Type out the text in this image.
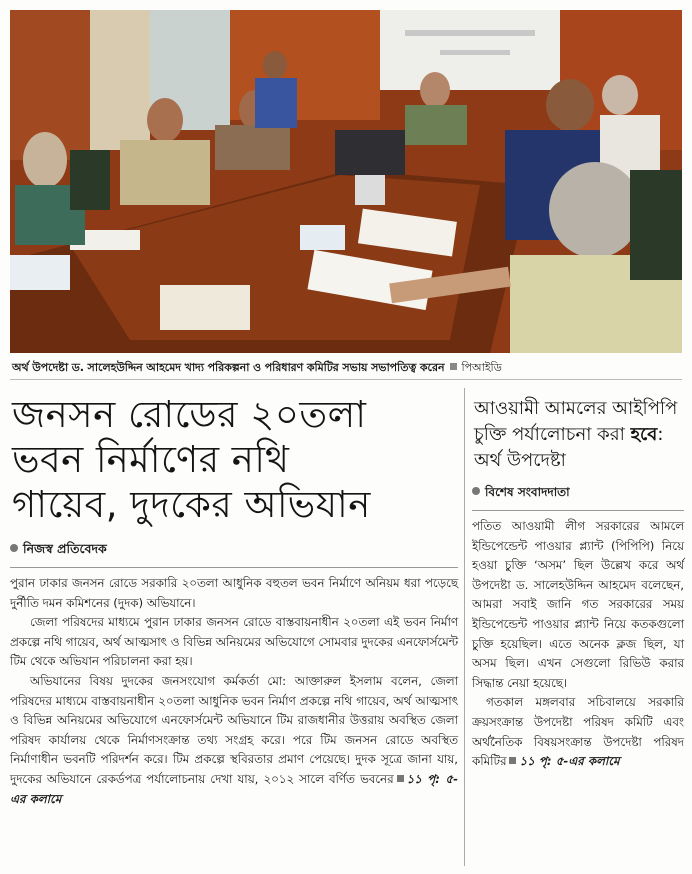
অর্থ উপদেষ্টা ড. সালেহউদ্দিন আহমেদ খাদ্য পরিকল্পনা ও পরিধারণ কমিটির সভায় সভাপতিত্ব করেন পিআইডি
জনসন রোডের ২০তলা
ভবন নির্মাণের নথি
গায়েব, দুদকের অভিযান
নিজস্ব প্রতিবেদক

পুরান ঢাকার জনসন রোডে সরকারি ২০তলা আধুনিক বহুতল ভবন নির্মাণে অনিয়ম ধরা পড়েছে দুর্নীতি দমন কমিশনের (দুদক) অভিযানে।

জেলা পরিষদের মাধ্যমে পুরান ঢাকার জনসন রোডে বাস্তবায়নাধীন ২০তলা এই ভবন নির্মাণ প্রকল্পে নথি গায়েব, অর্থ আত্মসাৎ ও বিভিন্ন অনিয়মের অভিযোগে সোমবার দুদকের এনফোর্সমেন্ট টিম থেকে অভিযান পরিচালনা করা হয়।

অভিযানের বিষয় দুদকের জনসংযোগ কর্মকর্তা মো: আক্তারুল ইসলাম বলেন, জেলা পরিষদের মাধ্যমে বাস্তবায়নাধীন ২০তলা আধুনিক ভবন নির্মাণ প্রকল্পে নথি গায়েব, অর্থ আত্মসাৎ ও বিভিন্ন অনিয়মের অভিযোগে এনফোর্সমেন্ট অভিযানে টিম রাজধানীর উত্তরায় অবস্থিত জেলা পরিষদ কার্যালয় থেকে নির্মাণসংক্রান্ত তথ্য সংগ্রহ করে। পরে টিম জনসন রোডে অবস্থিত নির্মাণাধীন ভবনটি পরিদর্শন করে। টিম প্রকল্পে স্থবিরতার প্রমাণ পেয়েছে। দুদক সূত্রে জানা যায়, দুদকের অভিযানে রেকর্ডপত্র পর্যালোচনায় দেখা যায়, ২০১২ সালে বর্ণিত ভবনের ১১ পৃ: ৫-এর কলামে

আওয়ামী আমলের আইপিপি চুক্তি পর্যালোচনা করা হবে: অর্থ উপদেষ্টা
বিশেষ সংবাদদাতা

পতিত আওয়ামী লীগ সরকারের আমলে ইন্ডিপেন্ডেন্ট পাওয়ার প্ল্যান্ট (পিপিপি) নিয়ে হওয়া চুক্তি ‘অসম’ ছিল উল্লেখ করে অর্থ উপদেষ্টা ড. সালেহউদ্দিন আহমেদ বলেছেন, আমরা সবাই জানি গত সরকারের সময় ইন্ডিপেন্ডেন্ট পাওয়ার প্ল্যান্ট নিয়ে কতকগুলো চুক্তি হয়েছিল। এতে অনেক ক্লজ ছিল, যা অসম ছিল। এখন সেগুলো রিভিউ করার সিদ্ধান্ত নেয়া হয়েছে।

গতকাল মঙ্গলবার সচিবালয়ে সরকারি ক্রয়সংক্রান্ত উপদেষ্টা পরিষদ কমিটি এবং অর্থনৈতিক বিষয়সংক্রান্ত উপদেষ্টা পরিষদ কমিটির ১১ পৃ: ৫-এর কলামে
